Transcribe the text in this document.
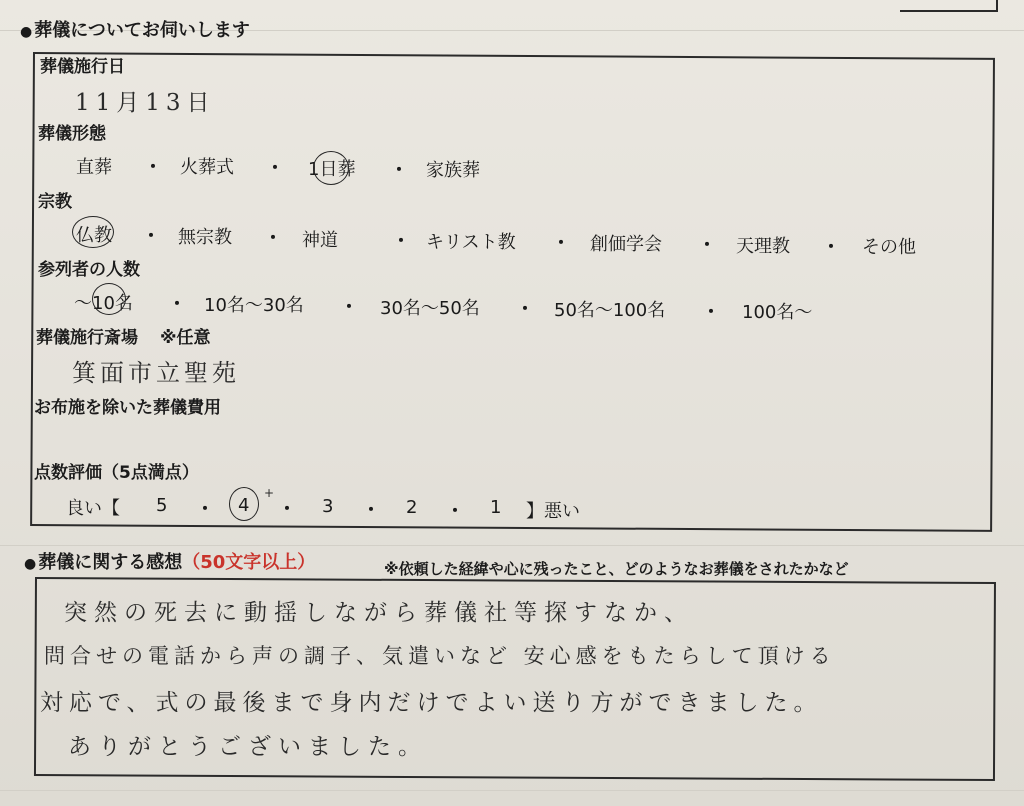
● 葬儀についてお伺いします
葬儀施行日
11月13日
葬儀形態
直葬 ・ 火葬式 ・ 1日葬 ・ 家族葬
宗教
仏教 ・ 無宗教 ・ 神道	・ キリスト教 ・ 創価学会 ・ 天理教 ・ その他
参列者の人数
〜10名 ・ 10名〜30名 ・ 30名〜50名 ・ 50名〜100名 ・ 100名〜
葬儀施行斎場 ※任意
箕面市立聖苑
お布施を除いた葬儀費用
点数評価（5点満点）
良い【 5 ・ 4
+
・ 3 ・ 2 ・ 1 】悪い
● 葬儀に関する感想（50文字以上）	※依頼した経緯や心に残ったこと、どのようなお葬儀をされたかなど
突然の死去に動揺しながら葬儀社等探すなか、
問合せの電話から声の調子、気遣いなど 安心感をもたらして頂ける
対応で、式の最後まで身内だけでよい送り方ができました。
ありがとうございました。
